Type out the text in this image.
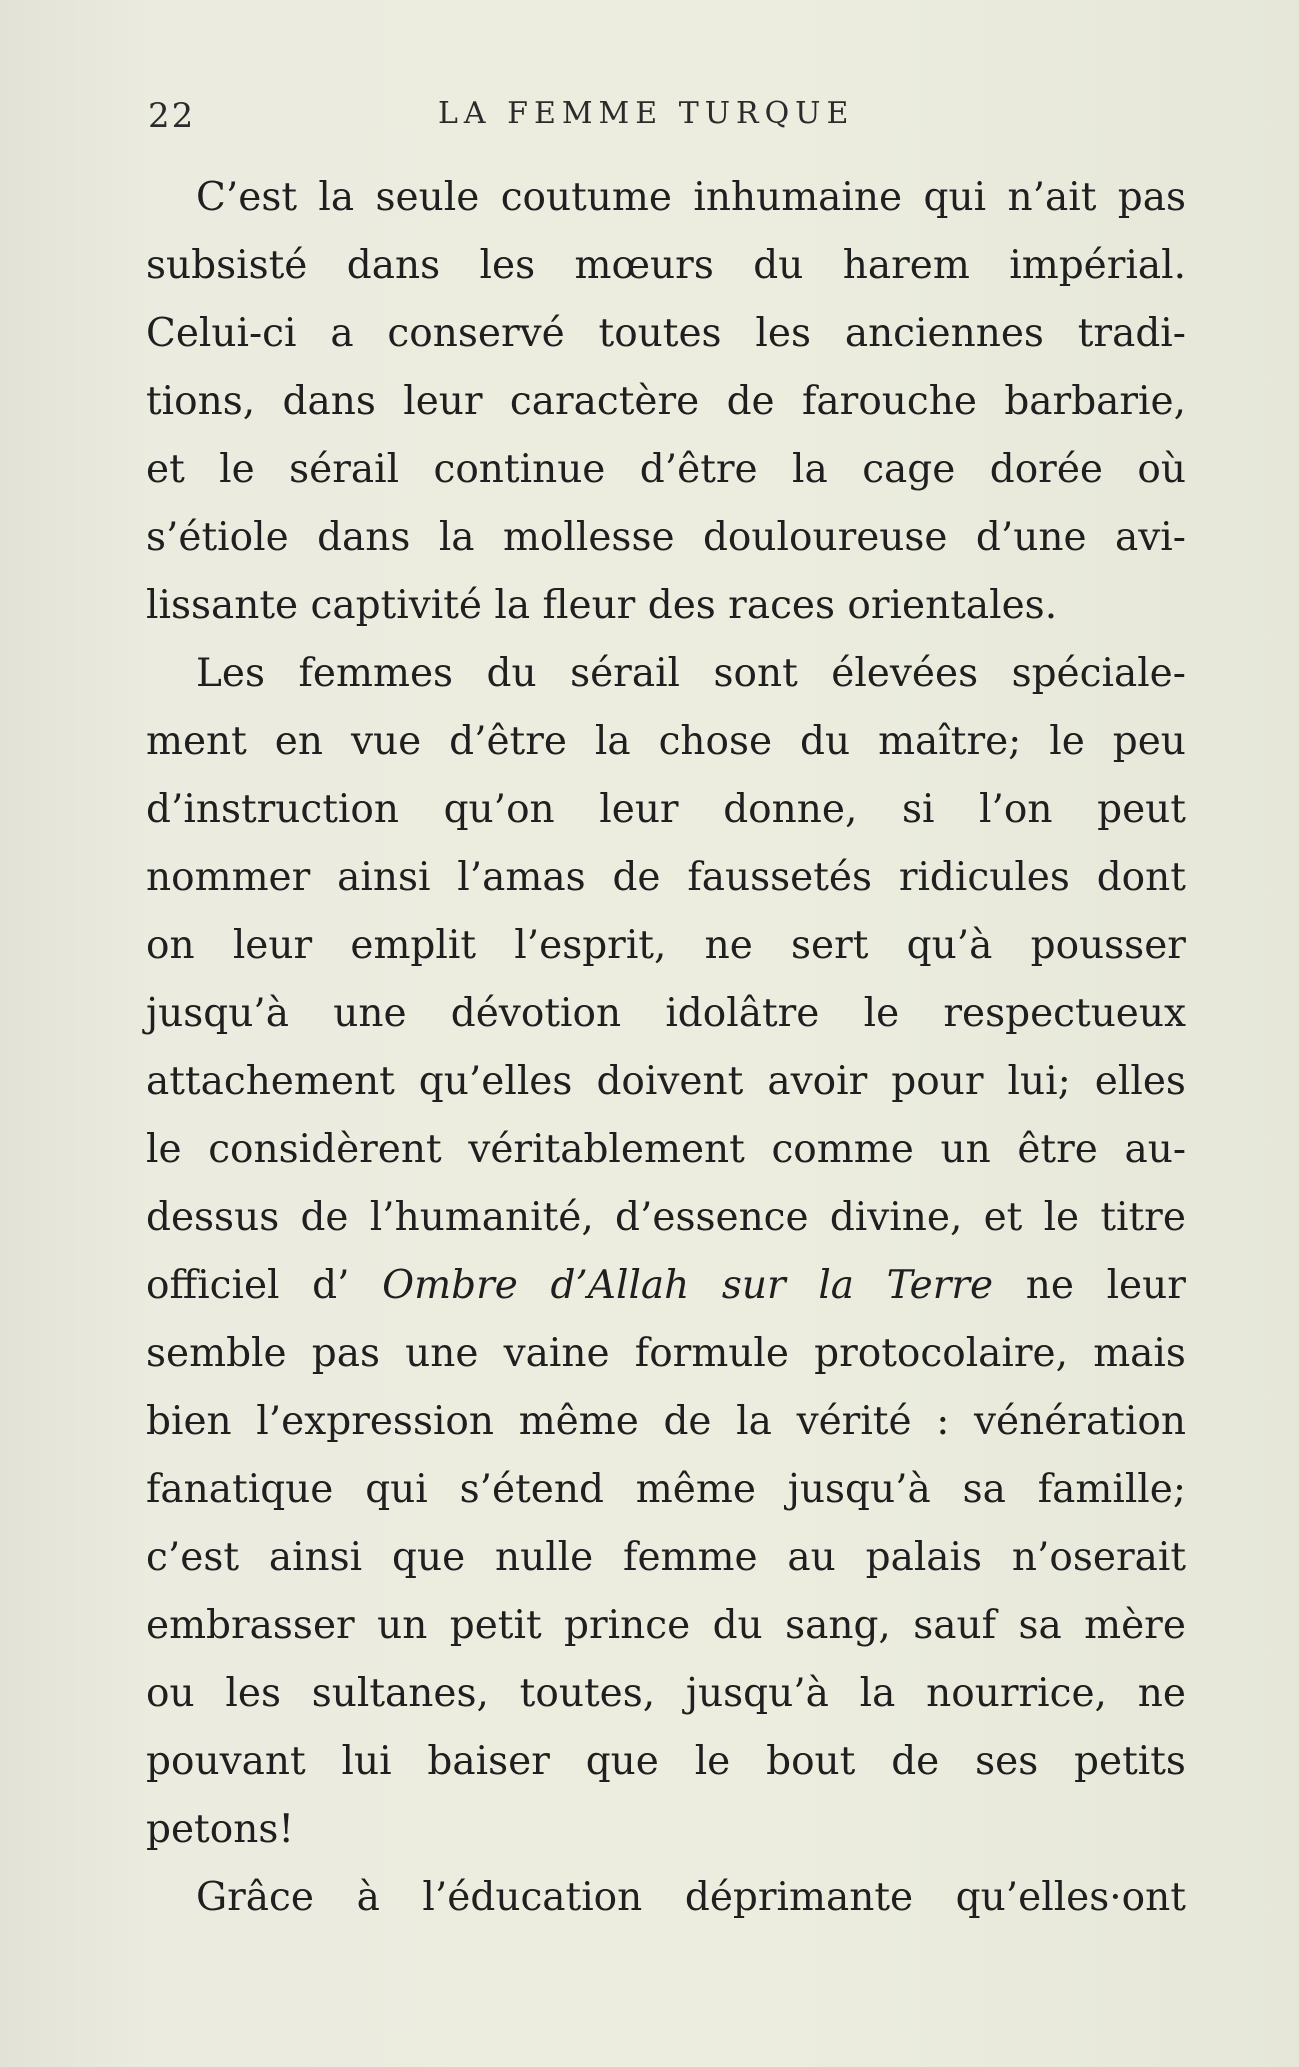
22	LA FEMME TURQUE
C’est la seule coutume inhumaine qui n’ait pas
subsisté dans les mœurs du harem impérial.
Celui-ci a conservé toutes les anciennes tradi-
tions, dans leur caractère de farouche barbarie,
et le sérail continue d’être la cage dorée où
s’étiole dans la mollesse douloureuse d’une avi-
lissante captivité la fleur des races orientales.
Les femmes du sérail sont élevées spéciale-
ment en vue d’être la chose du maître; le peu
d’instruction qu’on leur donne, si l’on peut
nommer ainsi l’amas de faussetés ridicules dont
on leur emplit l’esprit, ne sert qu’à pousser
jusqu’à une dévotion idolâtre le respectueux
attachement qu’elles doivent avoir pour lui; elles
le considèrent véritablement comme un être au-
dessus de l’humanité, d’essence divine, et le titre
officiel d’ Ombre d’Allah sur la Terre ne leur
semble pas une vaine formule protocolaire, mais
bien l’expression même de la vérité : vénération
fanatique qui s’étend même jusqu’à sa famille;
c’est ainsi que nulle femme au palais n’oserait
embrasser un petit prince du sang, sauf sa mère
ou les sultanes, toutes, jusqu’à la nourrice, ne
pouvant lui baiser que le bout de ses petits
petons!
Grâce à l’éducation déprimante qu’elles·ont
